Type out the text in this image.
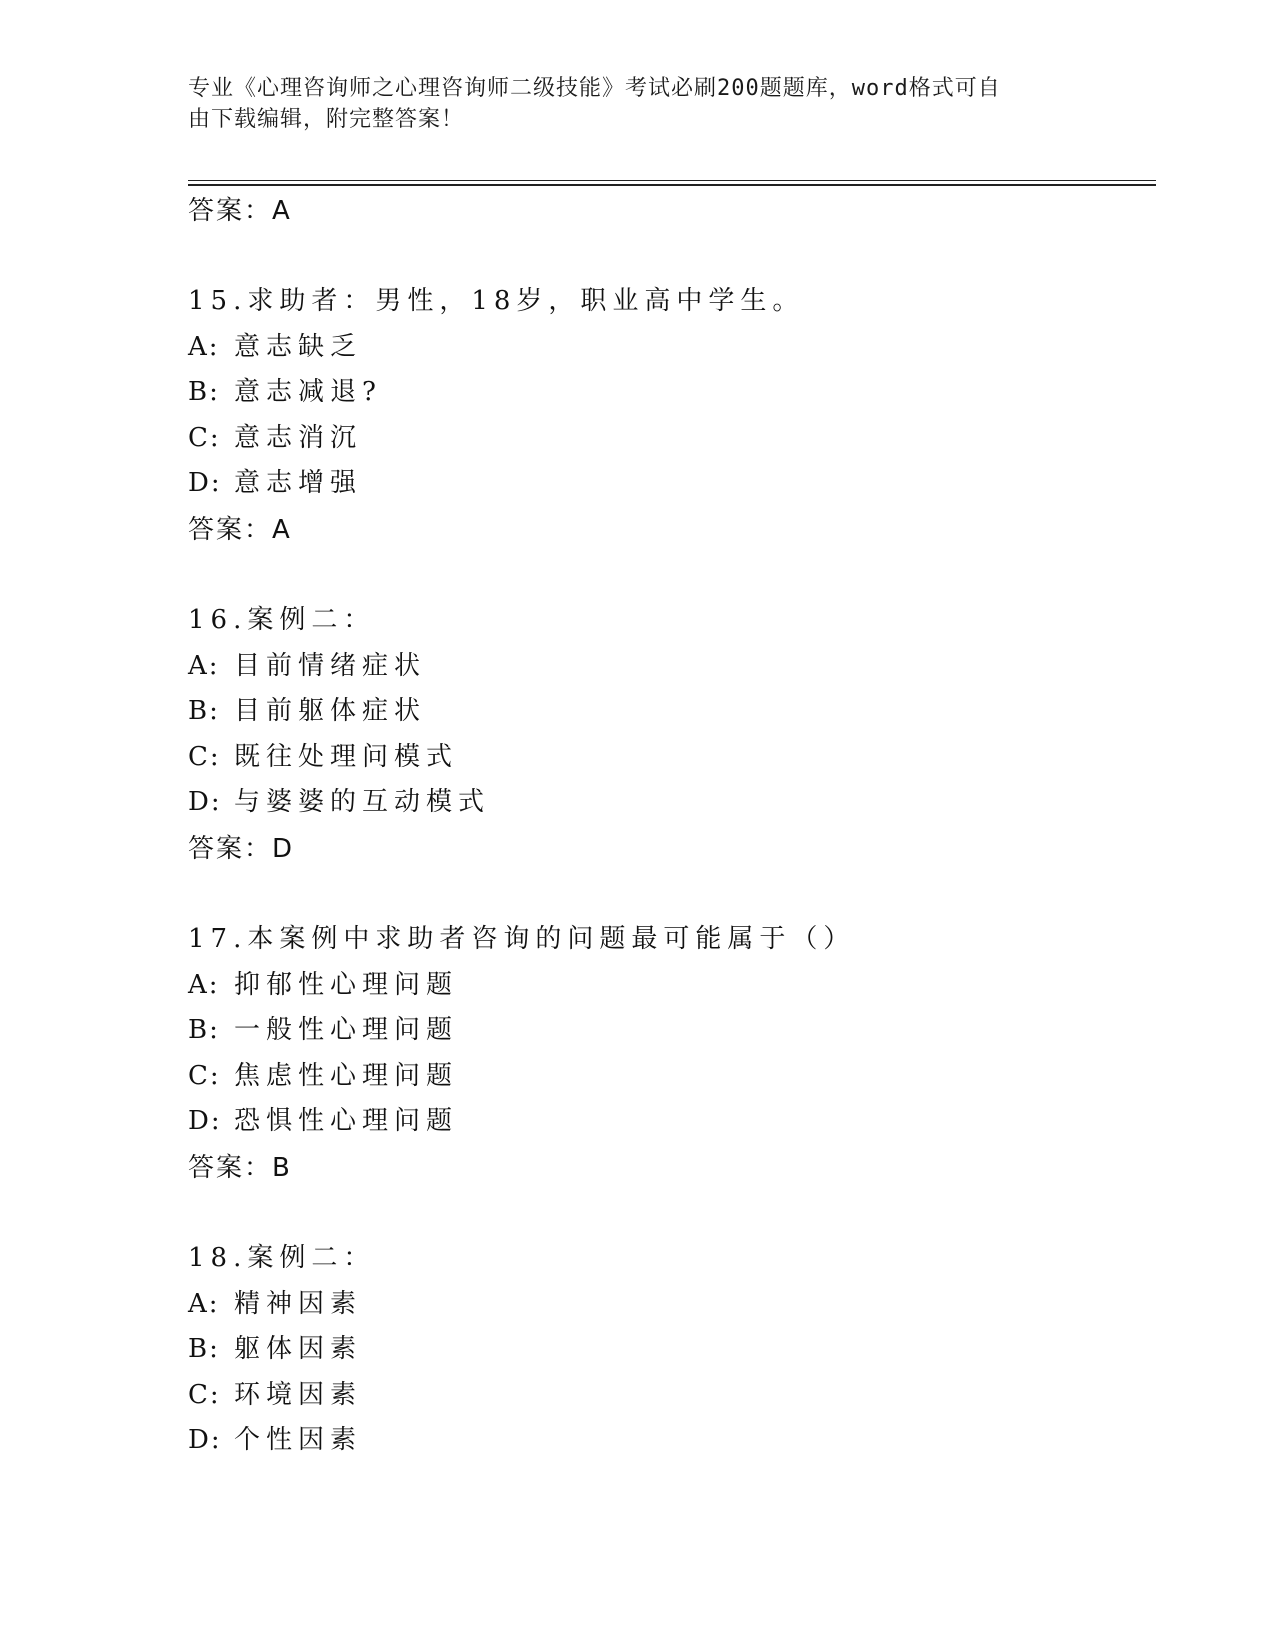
专业《心理咨询师之心理咨询师二级技能》考试必刷200题题库，word格式可自
由下载编辑，附完整答案！
答案：A
15.求助者：男性，18岁，职业高中学生。
A: 意志缺乏
B: 意志减退?
C: 意志消沉
D: 意志增强
答案：A
16.案例二：
A: 目前情绪症状
B: 目前躯体症状
C: 既往处理问模式
D: 与婆婆的互动模式
答案：D
17.本案例中求助者咨询的问题最可能属于（）
A: 抑郁性心理问题
B: 一般性心理问题
C: 焦虑性心理问题
D: 恐惧性心理问题
答案：B
18.案例二：
A: 精神因素
B: 躯体因素
C: 环境因素
D: 个性因素
